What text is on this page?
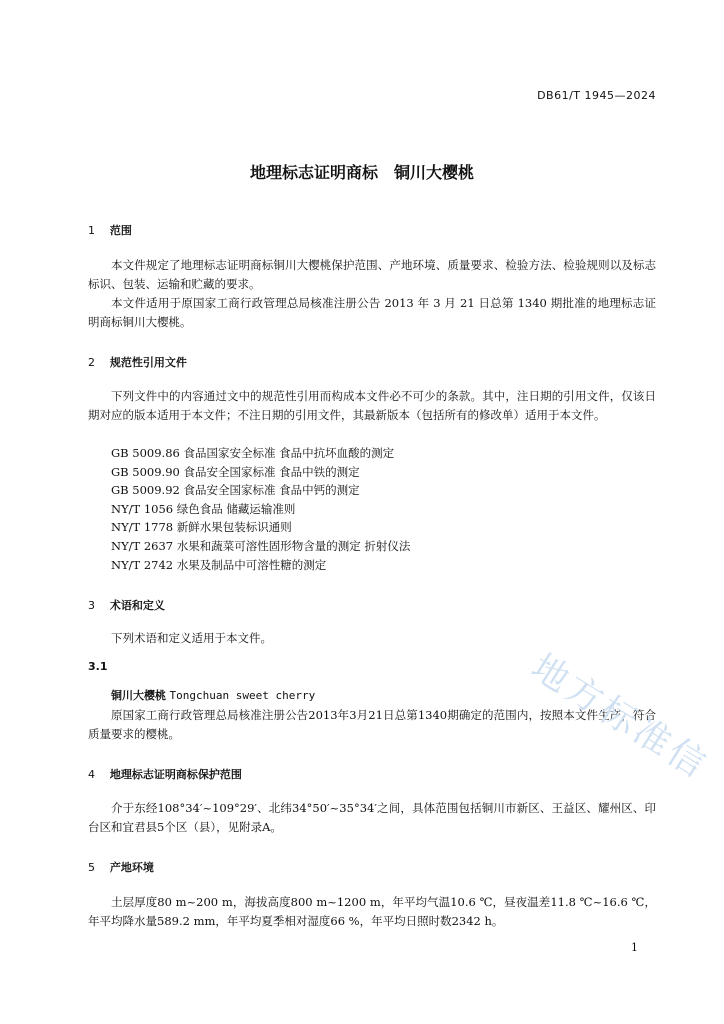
DB61/T 1945—2024
地理标志证明商标　铜川大樱桃
1 范围
本文件规定了地理标志证明商标铜川大樱桃保护范围、产地环境、质量要求、检验方法、检验规则以及标志标识、包装、运输和贮藏的要求。
本文件适用于原国家工商行政管理总局核准注册公告 2013 年 3 月 21 日总第 1340 期批准的地理标志证明商标铜川大樱桃。
2 规范性引用文件
下列文件中的内容通过文中的规范性引用而构成本文件必不可少的条款。其中，注日期的引用文件，仅该日期对应的版本适用于本文件；不注日期的引用文件，其最新版本（包括所有的修改单）适用于本文件。
GB 5009.86 食品国家安全标准 食品中抗坏血酸的测定
GB 5009.90 食品安全国家标准 食品中铁的测定
GB 5009.92 食品安全国家标准 食品中钙的测定
NY/T 1056 绿色食品 储藏运输准则
NY/T 1778 新鲜水果包装标识通则
NY/T 2637 水果和蔬菜可溶性固形物含量的测定 折射仪法
NY/T 2742 水果及制品中可溶性糖的测定
3 术语和定义
下列术语和定义适用于本文件。
3.1
铜川大樱桃 Tongchuan sweet cherry
原国家工商行政管理总局核准注册公告2013年3月21日总第1340期确定的范围内，按照本文件生产，符合质量要求的樱桃。
4 地理标志证明商标保护范围
介于东经108°34′~109°29′、北纬34°50′~35°34′之间，具体范围包括铜川市新区、王益区、耀州区、印台区和宜君县5个区（县），见附录A。
5 产地环境
土层厚度80 m~200 m，海拔高度800 m~1200 m，年平均气温10.6 ℃，昼夜温差11.8 ℃~16.6 ℃，年平均降水量589.2 mm，年平均夏季相对湿度66 %，年平均日照时数2342 h。
地方标准信
1
